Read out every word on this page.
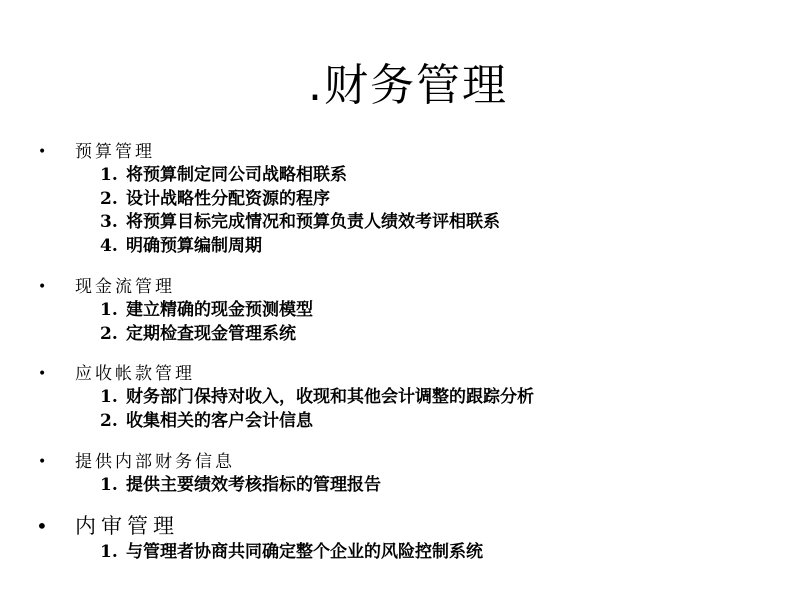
.财务管理
•	预算管理
1. 将预算制定同公司战略相联系
2. 设计战略性分配资源的程序
3. 将预算目标完成情况和预算负责人绩效考评相联系
4. 明确预算编制周期
•	现金流管理
1. 建立精确的现金预测模型
2. 定期检查现金管理系统
•	应收帐款管理
1. 财务部门保持对收入，收现和其他会计调整的跟踪分析
2. 收集相关的客户会计信息
•	提供内部财务信息
1. 提供主要绩效考核指标的管理报告
• 内审管理
1. 与管理者协商共同确定整个企业的风险控制系统
